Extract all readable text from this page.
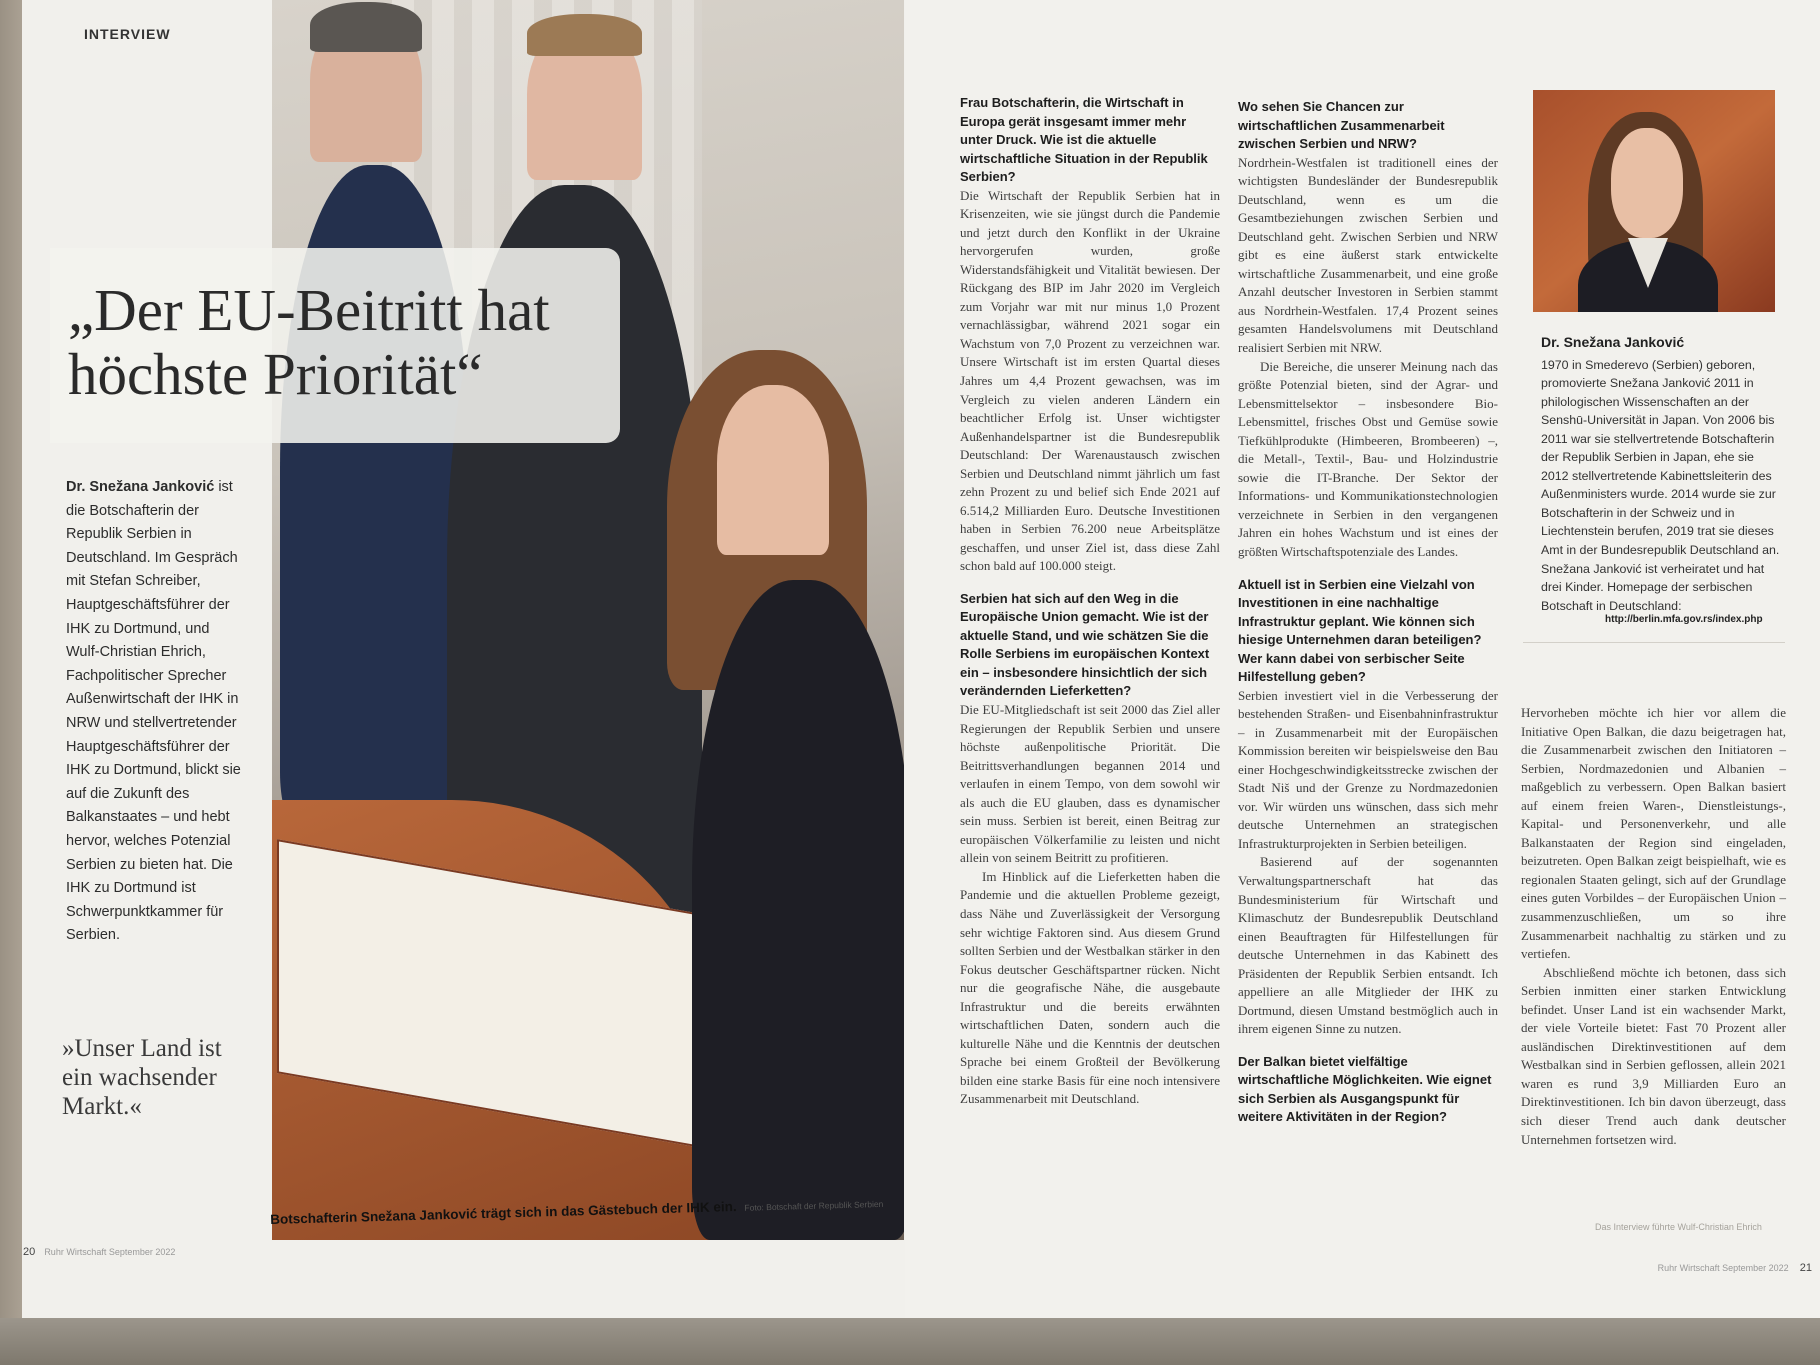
INTERVIEW
„Der EU-Beitritt hat höchste Priorität“
Dr. Snežana Janković ist die Botschafterin der Republik Serbien in Deutschland. Im Gespräch mit Stefan Schreiber, Hauptgeschäftsführer der IHK zu Dortmund, und Wulf-Christian Ehrich, Fachpolitischer Sprecher Außenwirtschaft der IHK in NRW und stellvertretender Hauptgeschäftsführer der IHK zu Dortmund, blickt sie auf die Zukunft des Balkanstaates – und hebt hervor, welches Potenzial Serbien zu bieten hat. Die IHK zu Dortmund ist Schwerpunktkammer für Serbien.
»Unser Land ist ein wachsender Markt.«
Botschafterin Snežana Janković trägt sich in das Gästebuch der IHK ein. Foto: Botschaft der Republik Serbien
20 Ruhr Wirtschaft September 2022
Ruhr Wirtschaft September 2022 21

Frau Botschafterin, die Wirtschaft in Europa gerät insgesamt immer mehr unter Druck. Wie ist die aktuelle wirtschaftliche Situation in der Republik Serbien?

Die Wirtschaft der Republik Serbien hat in Krisenzeiten, wie sie jüngst durch die Pandemie und jetzt durch den Konflikt in der Ukraine hervorgerufen wurden, große Widerstandsfähigkeit und Vitalität bewiesen. Der Rückgang des BIP im Jahr 2020 im Vergleich zum Vorjahr war mit nur minus 1,0 Prozent vernachlässigbar, während 2021 sogar ein Wachstum von 7,0 Prozent zu verzeichnen war. Unsere Wirtschaft ist im ersten Quartal dieses Jahres um 4,4 Prozent gewachsen, was im Vergleich zu vielen anderen Ländern ein beachtlicher Erfolg ist. Unser wichtigster Außenhandelspartner ist die Bundesrepublik Deutschland: Der Warenaustausch zwischen Serbien und Deutschland nimmt jährlich um fast zehn Prozent zu und belief sich Ende 2021 auf 6.514,2 Milliarden Euro. Deutsche Investitionen haben in Serbien 76.200 neue Arbeitsplätze geschaffen, und unser Ziel ist, dass diese Zahl schon bald auf 100.000 steigt.

Serbien hat sich auf den Weg in die Europäische Union gemacht. Wie ist der aktuelle Stand, und wie schätzen Sie die Rolle Serbiens im europäischen Kontext ein – insbesondere hinsichtlich der sich verändernden Lieferketten?

Die EU-Mitgliedschaft ist seit 2000 das Ziel aller Regierungen der Republik Serbien und unsere höchste außenpolitische Priorität. Die Beitrittsverhandlungen begannen 2014 und verlaufen in einem Tempo, von dem sowohl wir als auch die EU glauben, dass es dynamischer sein muss. Serbien ist bereit, einen Beitrag zur europäischen Völkerfamilie zu leisten und nicht allein von seinem Beitritt zu profitieren.

Im Hinblick auf die Lieferketten haben die Pandemie und die aktuellen Probleme gezeigt, dass Nähe und Zuverlässigkeit der Versorgung sehr wichtige Faktoren sind. Aus diesem Grund sollten Serbien und der Westbalkan stärker in den Fokus deutscher Geschäftspartner rücken. Nicht nur die geografische Nähe, die ausgebaute Infrastruktur und die bereits erwähnten wirtschaftlichen Daten, sondern auch die kulturelle Nähe und die Kenntnis der deutschen Sprache bei einem Großteil der Bevölkerung bilden eine starke Basis für eine noch intensivere Zusammenarbeit mit Deutschland.

Wo sehen Sie Chancen zur wirtschaftlichen Zusammenarbeit zwischen Serbien und NRW?

Nordrhein-Westfalen ist traditionell eines der wichtigsten Bundesländer der Bundesrepublik Deutschland, wenn es um die Gesamtbeziehungen zwischen Serbien und Deutschland geht. Zwischen Serbien und NRW gibt es eine äußerst stark entwickelte wirtschaftliche Zusammenarbeit, und eine große Anzahl deutscher Investoren in Serbien stammt aus Nordrhein-Westfalen. 17,4 Prozent seines gesamten Handelsvolumens mit Deutschland realisiert Serbien mit NRW.

Die Bereiche, die unserer Meinung nach das größte Potenzial bieten, sind der Agrar- und Lebensmittelsektor – insbesondere Bio-Lebensmittel, frisches Obst und Gemüse sowie Tiefkühlprodukte (Himbeeren, Brombeeren) –, die Metall-, Textil-, Bau- und Holzindustrie sowie die IT-Branche. Der Sektor der Informations- und Kommunikationstechnologien verzeichnete in Serbien in den vergangenen Jahren ein hohes Wachstum und ist eines der größten Wirtschaftspotenziale des Landes.

Aktuell ist in Serbien eine Vielzahl von Investitionen in eine nachhaltige Infrastruktur geplant. Wie können sich hiesige Unternehmen daran beteiligen? Wer kann dabei von serbischer Seite Hilfestellung geben?

Serbien investiert viel in die Verbesserung der bestehenden Straßen- und Eisenbahninfrastruktur – in Zusammenarbeit mit der Europäischen Kommission bereiten wir beispielsweise den Bau einer Hochgeschwindigkeitsstrecke zwischen der Stadt Niš und der Grenze zu Nordmazedonien vor. Wir würden uns wünschen, dass sich mehr deutsche Unternehmen an strategischen Infrastrukturprojekten in Serbien beteiligen.

Basierend auf der sogenannten Verwaltungspartnerschaft hat das Bundesministerium für Wirtschaft und Klimaschutz der Bundesrepublik Deutschland einen Beauftragten für Hilfestellungen für deutsche Unternehmen in das Kabinett des Präsidenten der Republik Serbien entsandt. Ich appelliere an alle Mitglieder der IHK zu Dortmund, diesen Umstand bestmöglich auch in ihrem eigenen Sinne zu nutzen.

Der Balkan bietet vielfältige wirtschaftliche Möglichkeiten. Wie eignet sich Serbien als Ausgangspunkt für weitere Aktivitäten in der Region?

Dr. Snežana Janković
1970 in Smederevo (Serbien) geboren, promovierte Snežana Janković 2011 in philologischen Wissenschaften an der Senshū-Universität in Japan. Von 2006 bis 2011 war sie stellvertretende Botschafterin der Republik Serbien in Japan, ehe sie 2012 stellvertretende Kabinettsleiterin des Außenministers wurde. 2014 wurde sie zur Botschafterin in der Schweiz und in Liechtenstein berufen, 2019 trat sie dieses Amt in der Bundesrepublik Deutschland an. Snežana Janković ist verheiratet und hat drei Kinder. Homepage der serbischen Botschaft in Deutschland:
http://berlin.mfa.gov.rs/index.php

Hervorheben möchte ich hier vor allem die Initiative Open Balkan, die dazu beigetragen hat, die Zusammenarbeit zwischen den Initiatoren – Serbien, Nordmazedonien und Albanien – maßgeblich zu verbessern. Open Balkan basiert auf einem freien Waren-, Dienstleistungs-, Kapital- und Personenverkehr, und alle Balkanstaaten der Region sind eingeladen, beizutreten. Open Balkan zeigt beispielhaft, wie es regionalen Staaten gelingt, sich auf der Grundlage eines guten Vorbildes – der Europäischen Union – zusammenzuschließen, um so ihre Zusammenarbeit nachhaltig zu stärken und zu vertiefen.

Abschließend möchte ich betonen, dass sich Serbien inmitten einer starken Entwicklung befindet. Unser Land ist ein wachsender Markt, der viele Vorteile bietet: Fast 70 Prozent aller ausländischen Direktinvestitionen auf dem Westbalkan sind in Serbien geflossen, allein 2021 waren es rund 3,9 Milliarden Euro an Direktinvestitionen. Ich bin davon überzeugt, dass sich dieser Trend auch dank deutscher Unternehmen fortsetzen wird.

Das Interview führte Wulf-Christian Ehrich
